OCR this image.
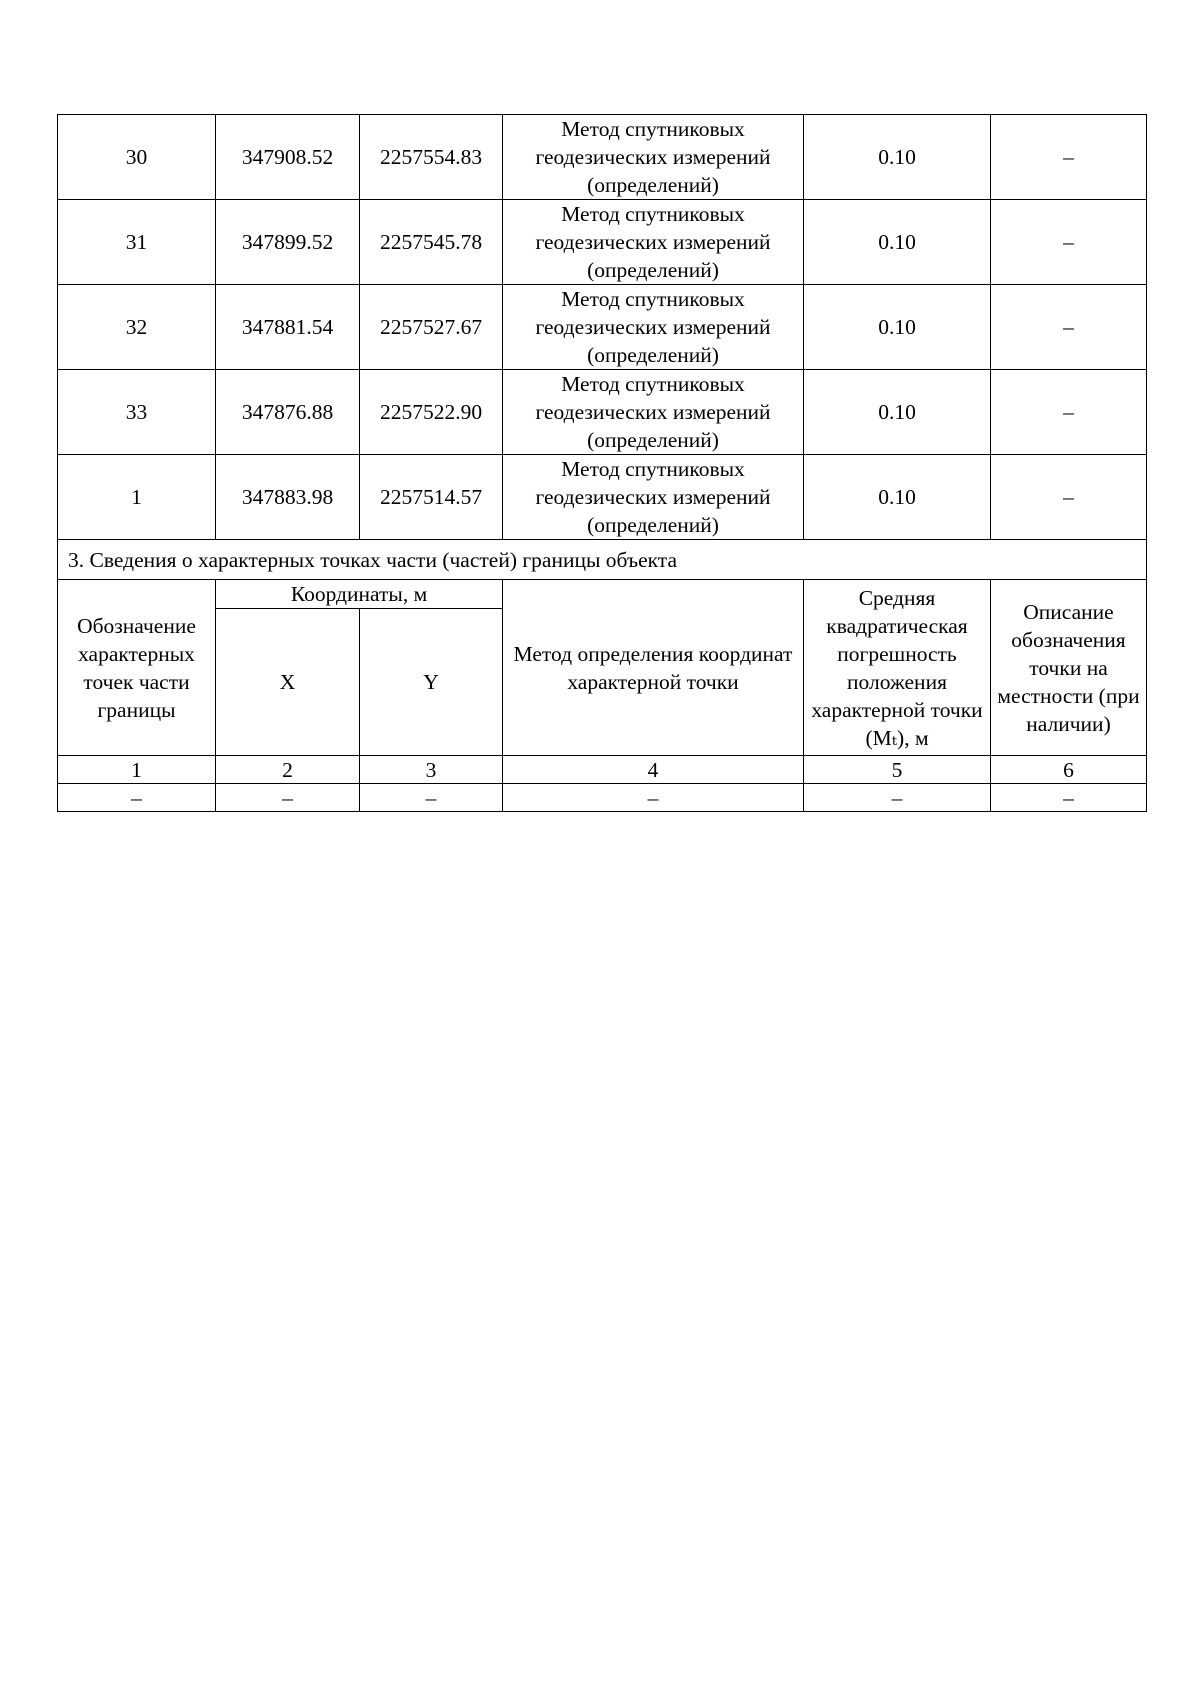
30	347908.52	2257554.83	Метод спутниковых геодезических измерений (определений)	0.10	–
31	347899.52	2257545.78	Метод спутниковых геодезических измерений (определений)	0.10	–
32	347881.54	2257527.67	Метод спутниковых геодезических измерений (определений)	0.10	–
33	347876.88	2257522.90	Метод спутниковых геодезических измерений (определений)	0.10	–
1	347883.98	2257514.57	Метод спутниковых геодезических измерений (определений)	0.10	–
3. Сведения о характерных точках части (частей) границы объекта					
Обозначение характерных точек части границы	Координаты, м		Метод определения координат характерной точки	Средняя квадратическая погрешность положения характерной точки (Mₜ), м	Описание обозначения точки на местности (при наличии)
	X	Y			
1	2	3	4	5	6
–	–	–	–	–	–
